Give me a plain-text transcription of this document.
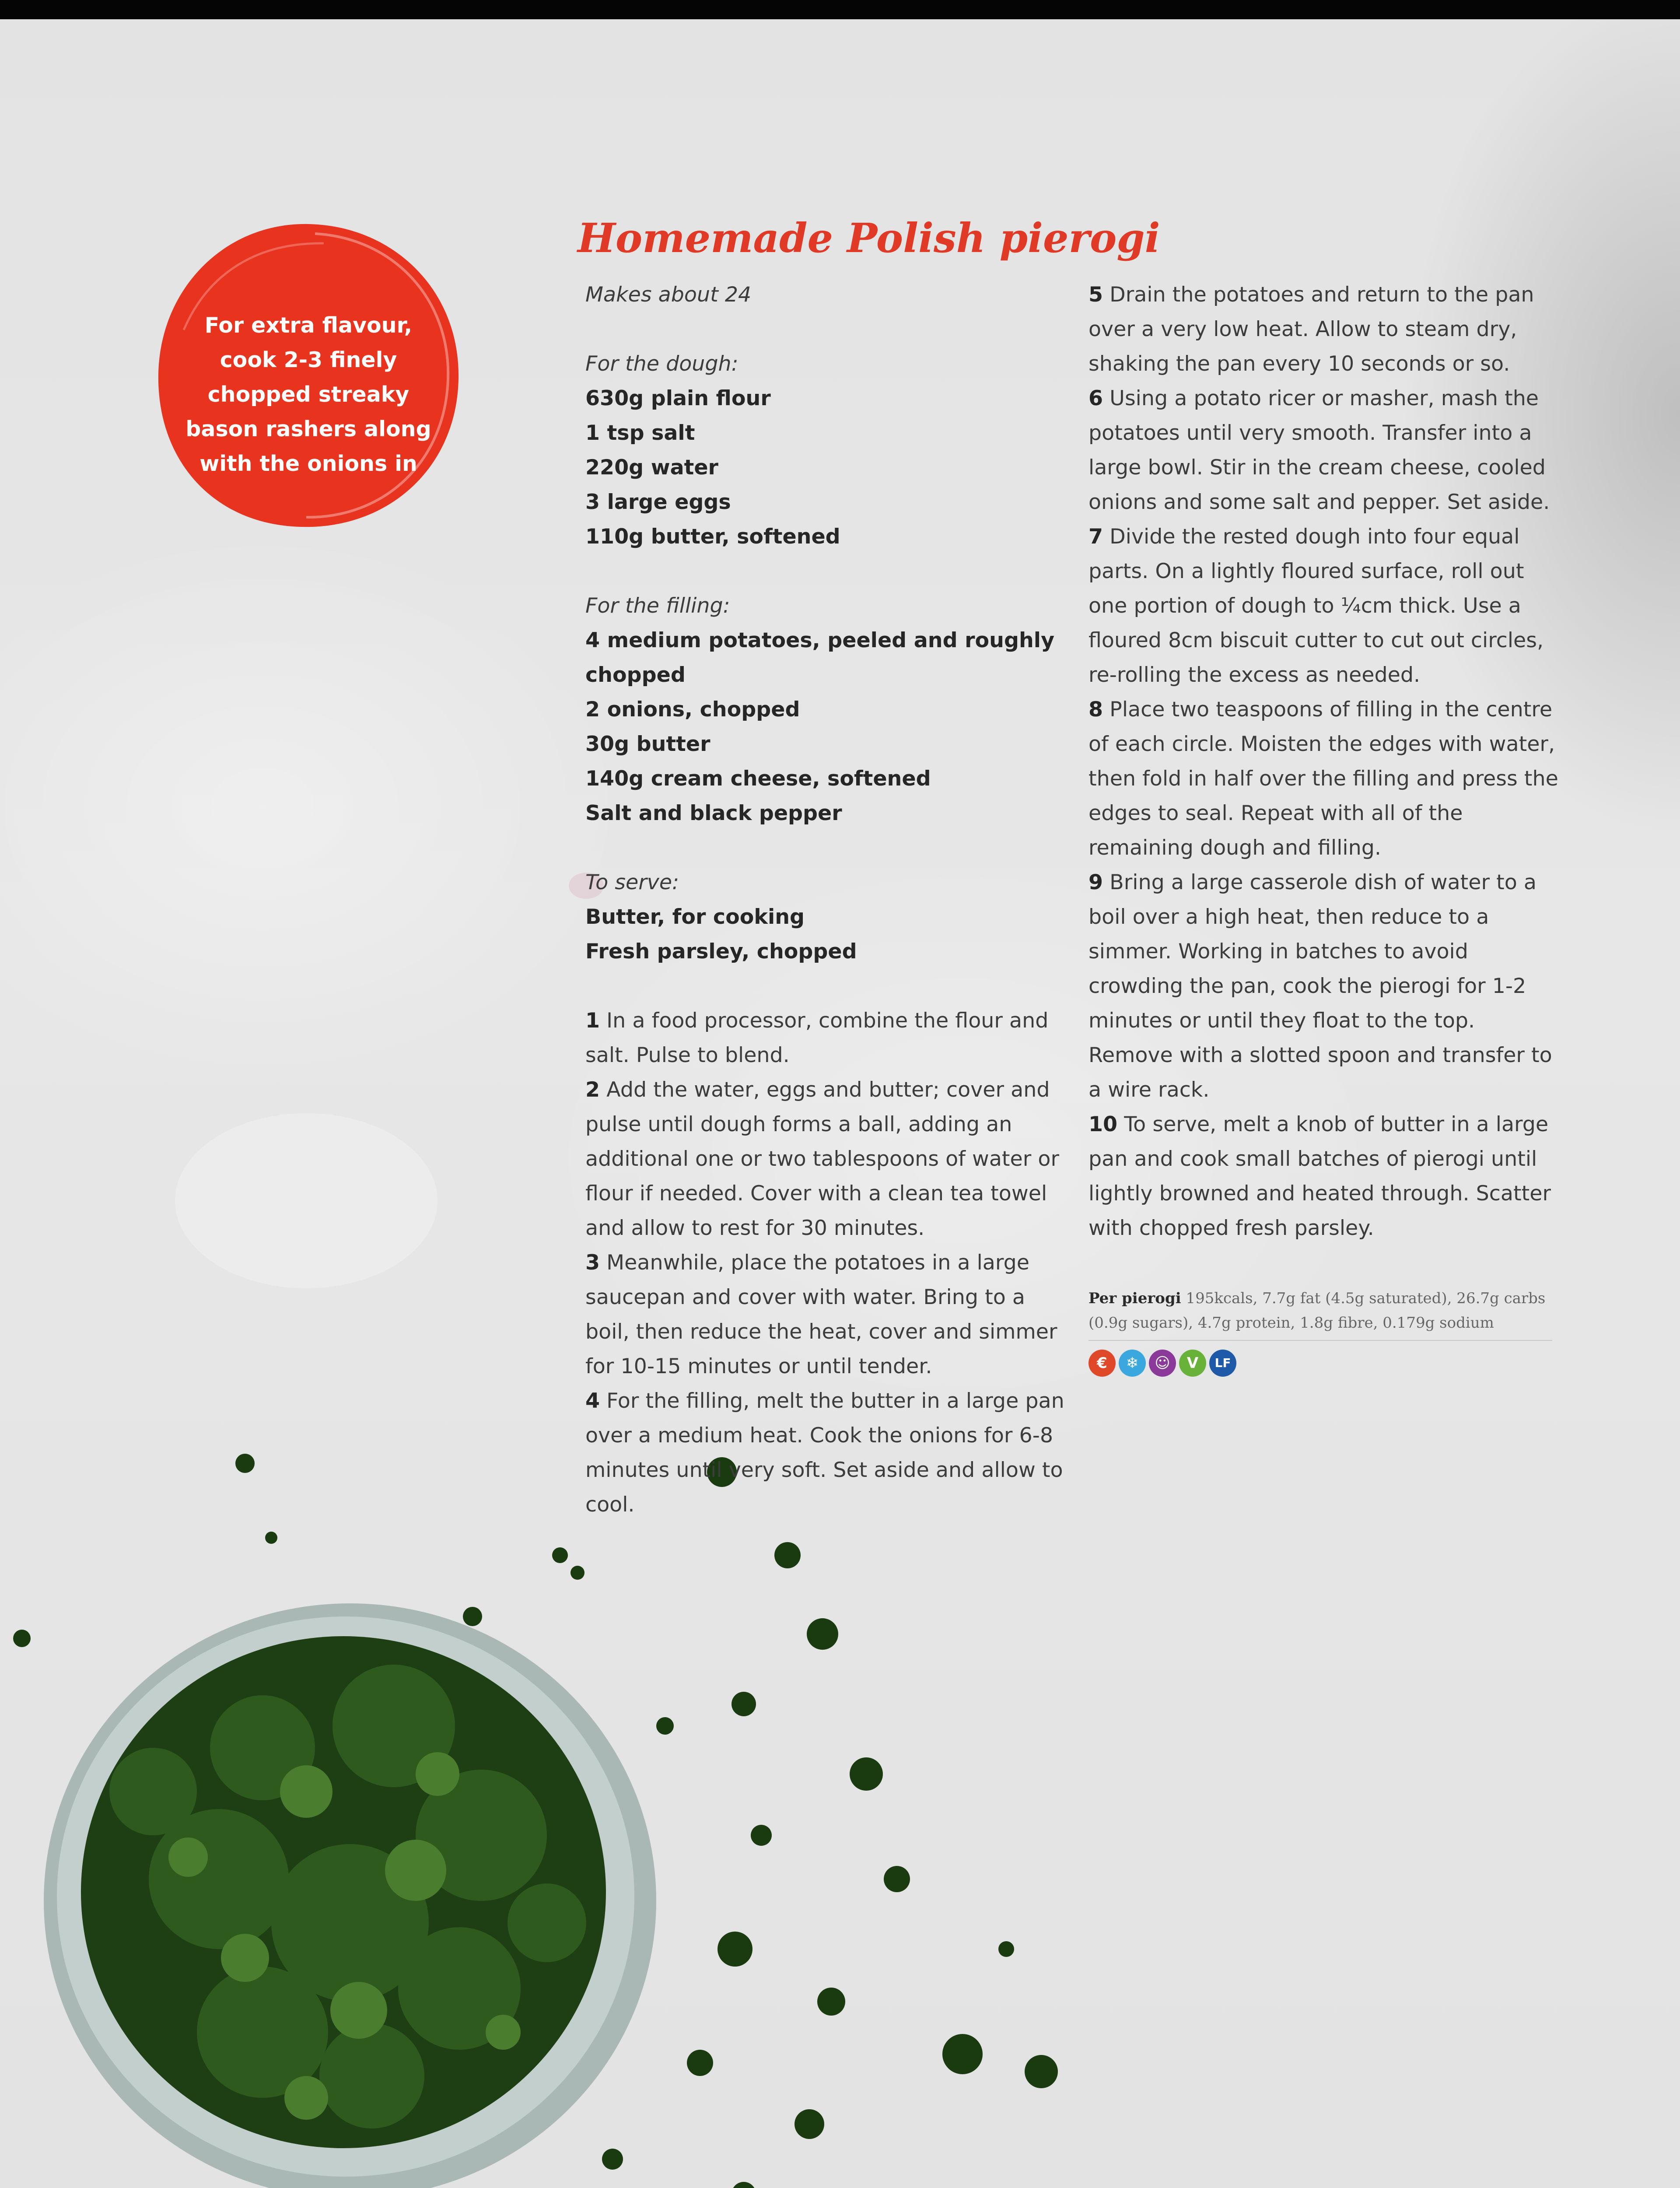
For extra flavour, cook 2-3 finely chopped streaky bason rashers along with the onions in
Homemade Polish pierogi

Makes about 24

For the dough:

630g plain flour

1 tsp salt

220g water

3 large eggs

110g butter, softened

For the filling:

4 medium potatoes, peeled and roughly chopped

2 onions, chopped

30g butter

140g cream cheese, softened

Salt and black pepper

To serve:

Butter, for cooking

Fresh parsley, chopped

1 In a food processor, combine the flour and salt. Pulse to blend.

2 Add the water, eggs and butter; cover and pulse until dough forms a ball, adding an additional one or two tablespoons of water or flour if needed. Cover with a clean tea towel and allow to rest for 30 minutes.

3 Meanwhile, place the potatoes in a large saucepan and cover with water. Bring to a boil, then reduce the heat, cover and simmer for 10-15 minutes or until tender.

4 For the filling, melt the butter in a large pan over a medium heat. Cook the onions for 6-8 minutes until very soft. Set aside and allow to cool.

5 Drain the potatoes and return to the pan over a very low heat. Allow to steam dry, shaking the pan every 10 seconds or so.

6 Using a potato ricer or masher, mash the potatoes until very smooth. Transfer into a large bowl. Stir in the cream cheese, cooled onions and some salt and pepper. Set aside.

7 Divide the rested dough into four equal parts. On a lightly floured surface, roll out one portion of dough to ¼cm thick. Use a floured 8cm biscuit cutter to cut out circles, re-rolling the excess as needed.

8 Place two teaspoons of filling in the centre of each circle. Moisten the edges with water, then fold in half over the filling and press the edges to seal. Repeat with all of the remaining dough and filling.

9 Bring a large casserole dish of water to a boil over a high heat, then reduce to a simmer. Working in batches to avoid crowding the pan, cook the pierogi for 1-2 minutes or until they float to the top. Remove with a slotted spoon and transfer to a wire rack.

10 To serve, melt a knob of butter in a large pan and cook small batches of pierogi until lightly browned and heated through. Scatter with chopped fresh parsley.

Per pierogi 195kcals, 7.7g fat (4.5g saturated), 26.7g carbs (0.9g sugars), 4.7g protein, 1.8g fibre, 0.179g sodium
€	❄	☺	V	LF
